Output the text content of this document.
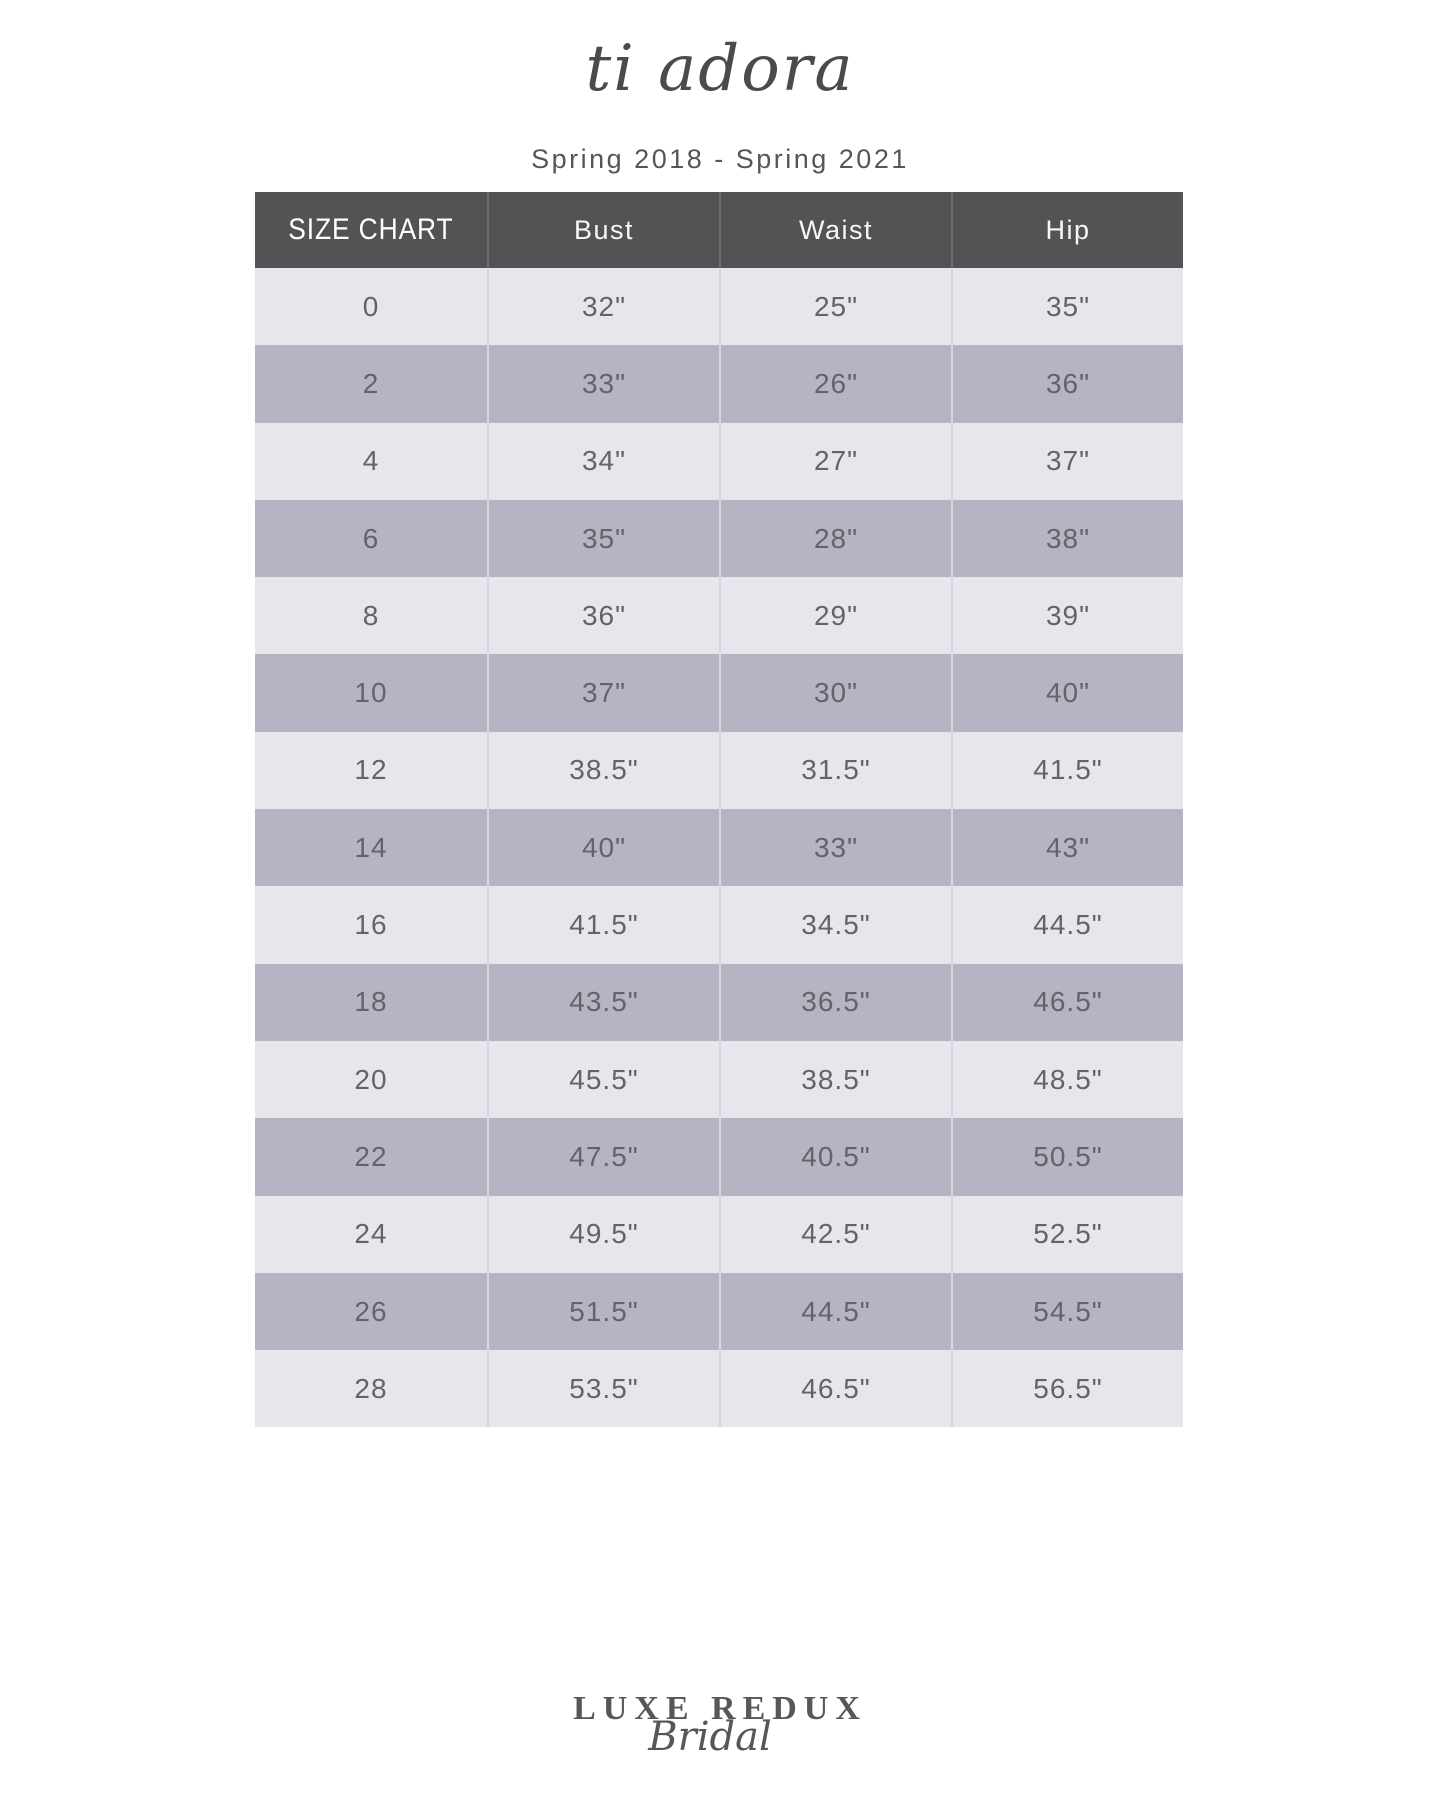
ti adora
Spring 2018 - Spring 2021
SIZE CHART	Bust	Waist	Hip
0	32"	25"	35"
2	33"	26"	36"
4	34"	27"	37"
6	35"	28"	38"
8	36"	29"	39"
10	37"	30"	40"
12	38.5"	31.5"	41.5"
14	40"	33"	43"
16	41.5"	34.5"	44.5"
18	43.5"	36.5"	46.5"
20	45.5"	38.5"	48.5"
22	47.5"	40.5"	50.5"
24	49.5"	42.5"	52.5"
26	51.5"	44.5"	54.5"
28	53.5"	46.5"	56.5"
LUXE REDUX
Bridal
